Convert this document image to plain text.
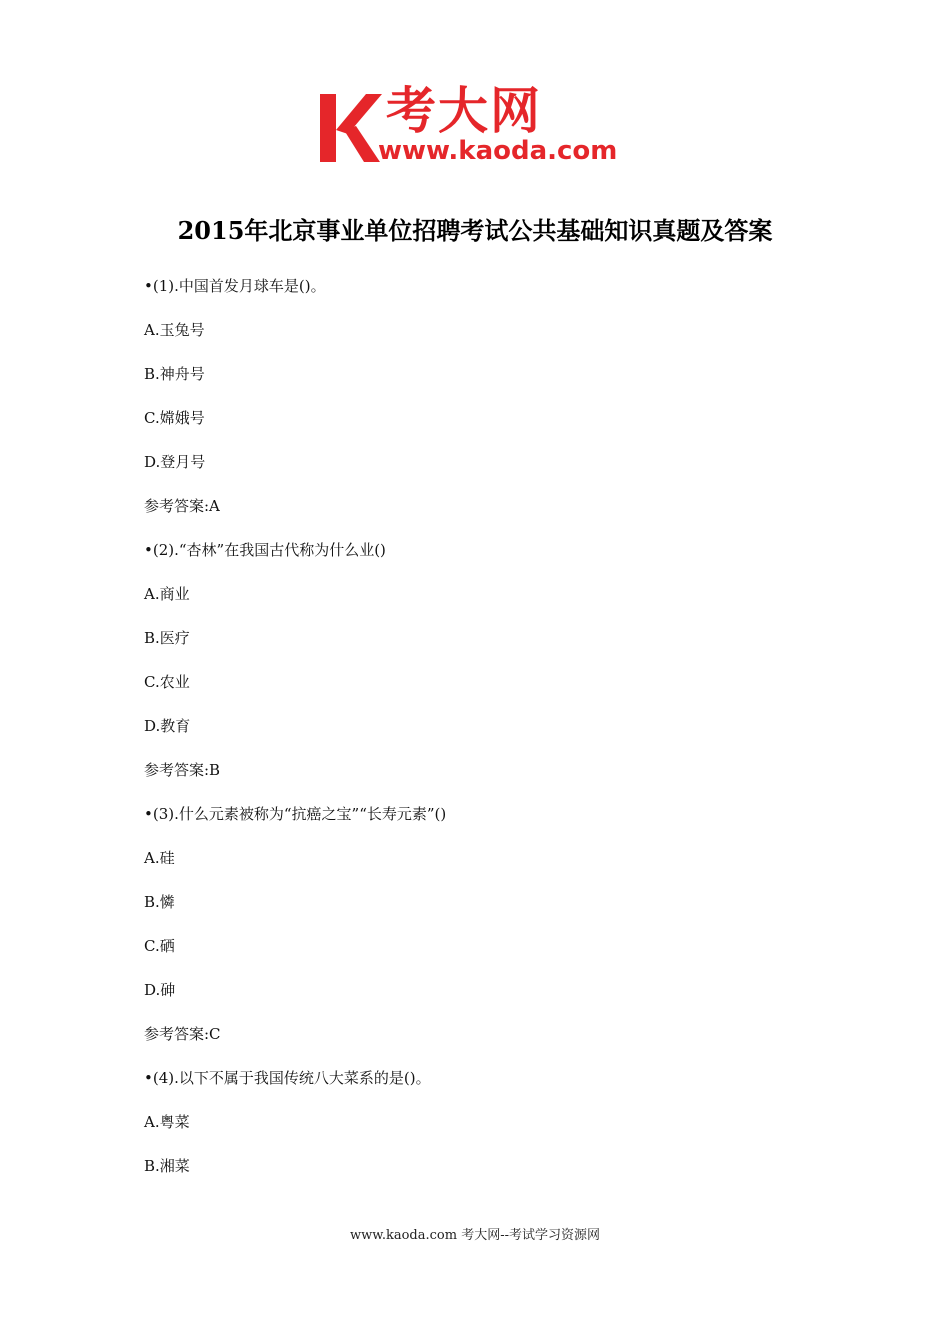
考大网
www.kaoda.com
2015年北京事业单位招聘考试公共基础知识真题及答案
•(1).中国首发月球车是()。
A.玉兔号
B.神舟号
C.嫦娥号
D.登月号
参考答案:A
•(2).“杏林”在我国古代称为什么业()
A.商业
B.医疗
C.农业
D.教育
参考答案:B
•(3).什么元素被称为“抗癌之宝”“长寿元素”()
A.硅
B.憐
C.硒
D.砷
参考答案:C
•(4).以下不属于我国传统八大菜系的是()。
A.粤菜
B.湘菜
www.kaoda.com 考大网--考试学习资源网
